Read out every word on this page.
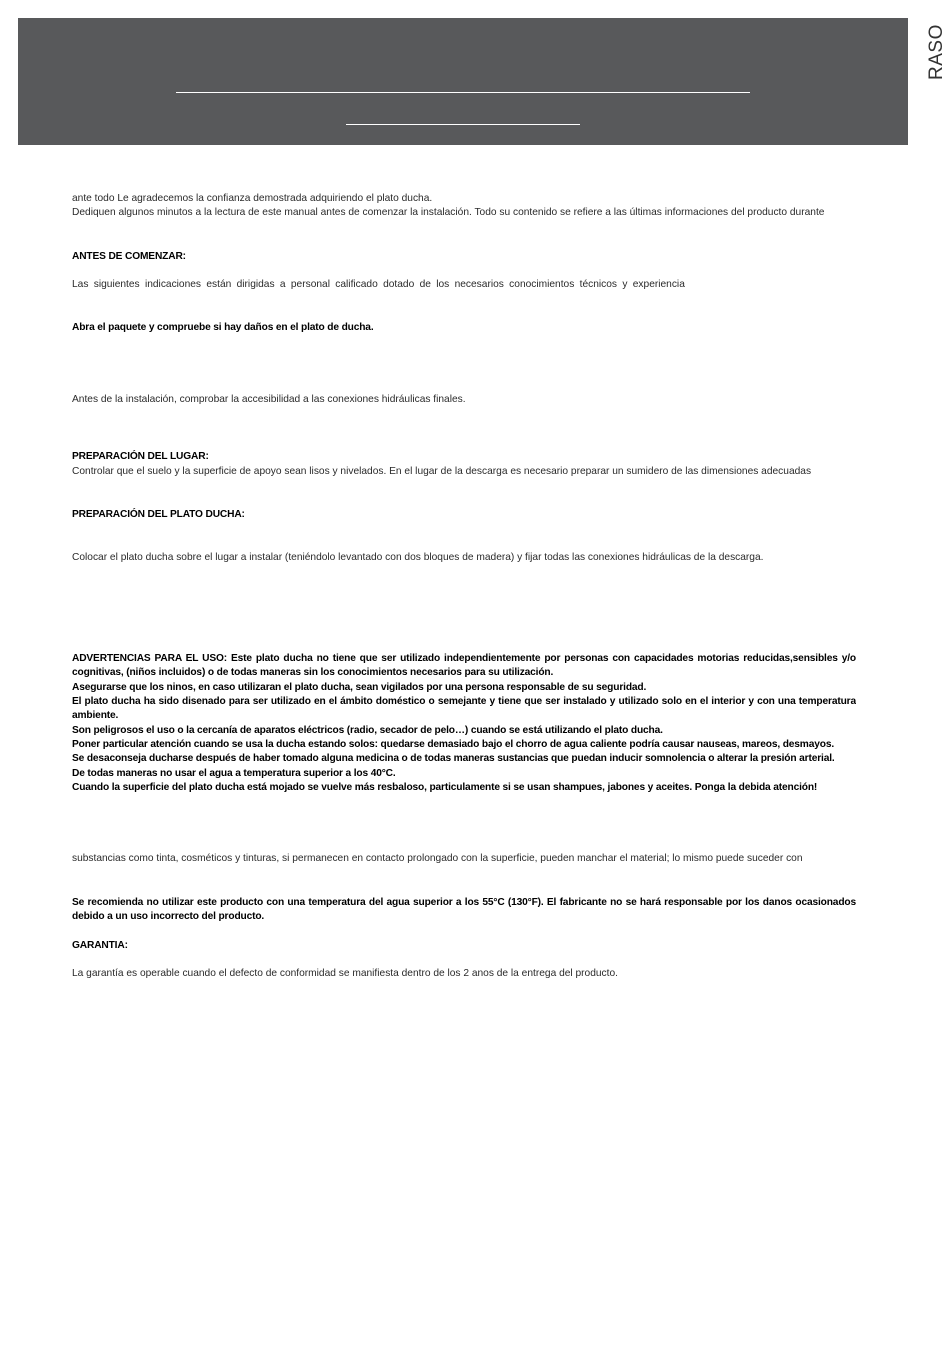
RASO
ante todo Le agradecemos la confianza demostrada adquiriendo el plato ducha.
Dediquen algunos minutos a la lectura de este manual antes de comenzar la instalación. Todo su contenido se refiere a las últimas informaciones del producto durante
ANTES DE COMENZAR:
Las siguientes indicaciones están dirigidas a personal calificado dotado de los necesarios conocimientos técnicos y experiencia
Abra el paquete y compruebe si hay daños en el plato de ducha.
Antes de la instalación, comprobar la accesibilidad a las conexiones hidráulicas finales.
PREPARACIÓN DEL LUGAR:
Controlar que el suelo y la superficie de apoyo sean lisos y nivelados. En el lugar de la descarga es necesario preparar un sumidero de las dimensiones adecuadas
PREPARACIÓN DEL PLATO DUCHA:
Colocar el plato ducha sobre el lugar a instalar (teniéndolo levantado con dos bloques de madera) y fijar todas las conexiones hidráulicas de la descarga.
ADVERTENCIAS PARA EL USO: Este plato ducha no tiene que ser utilizado independientemente por personas con capacidades motorias reducidas,sensibles y/o cognitivas, (niños incluidos) o de todas maneras sin los conocimientos necesarios para su utilización.
Asegurarse que los ninos, en caso utilizaran el plato ducha, sean vigilados por una persona responsable de su seguridad.
El plato ducha ha sido disenado para ser utilizado en el ámbito doméstico o semejante y tiene que ser instalado y utilizado solo en el interior y con una temperatura ambiente.
Son peligrosos el uso o la cercanía de aparatos eléctricos (radio, secador de pelo…) cuando se está utilizando el plato ducha.
Poner particular atención cuando se usa la ducha estando solos: quedarse demasiado bajo el chorro de agua caliente podría causar nauseas, mareos, desmayos.
Se desaconseja ducharse después de haber tomado alguna medicina o de todas maneras sustancias que puedan inducir somnolencia o alterar la presión arterial.
De todas maneras no usar el agua a temperatura superior a los 40°C.
Cuando la superficie del plato ducha está mojado se vuelve más resbaloso, particulamente si se usan shampues, jabones y aceites. Ponga la debida atención!
substancias como tinta, cosméticos y tinturas, si permanecen en contacto prolongado con la superficie, pueden manchar el material; lo mismo puede suceder con
Se recomienda no utilizar este producto con una temperatura del agua superior a los 55°C (130°F). El fabricante no se hará responsable por los danos ocasionados debido a un uso incorrecto del producto.
GARANTIA:
La garantía es operable cuando el defecto de conformidad se manifiesta dentro de los 2 anos de la entrega del producto.
